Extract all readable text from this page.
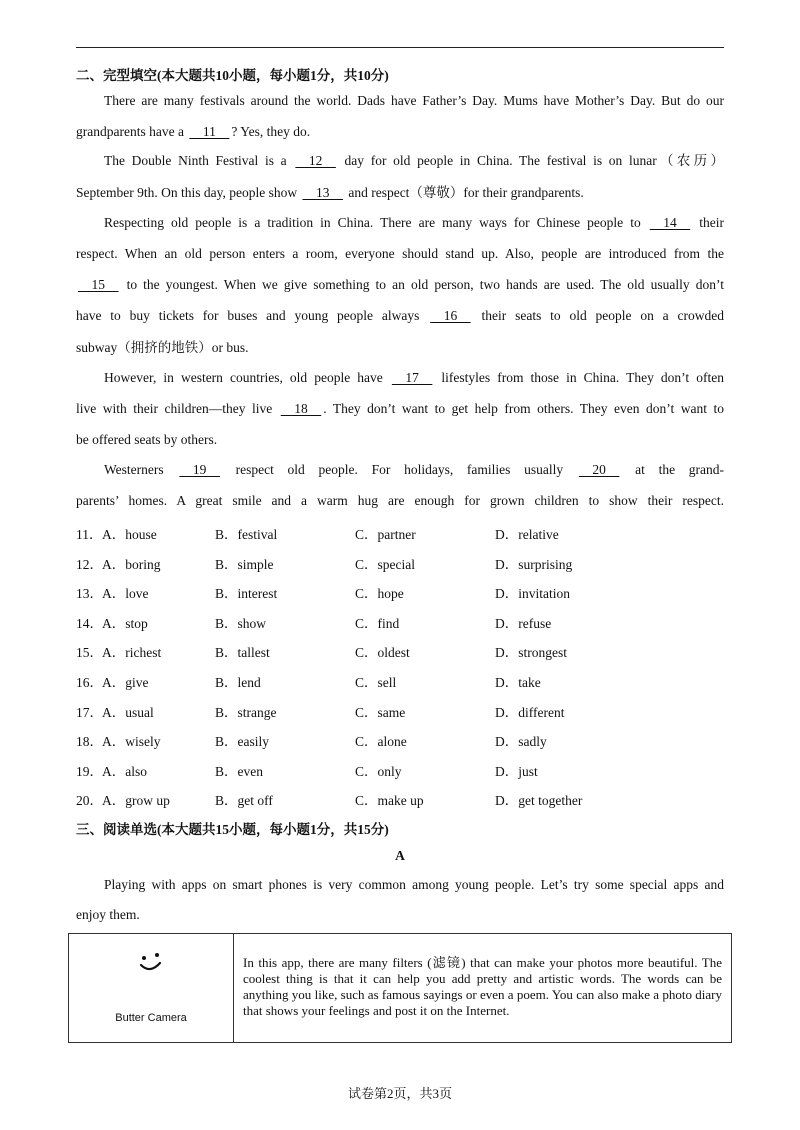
二、完型填空(本大题共10小题，每小题1分，共10分)
There are many festivals around the world. Dads have Father’s Day. Mums have Mother’s Day. But do our
grandparents have a     11    ? Yes, they do.
The Double Ninth Festival is a     12     day for old people in China. The festival is on lunar（农历）
September 9th. On this day, people show     13     and respect（尊敬）for their grandparents.
Respecting old people is a tradition in China. There are many ways for Chinese people to     14     their
respect. When an old person enters a room, everyone should stand up. Also, people are introduced from the
15     to the youngest. When we give something to an old person, two hands are used. The old usually don’t
have to buy tickets for buses and young people always     16     their seats to old people on a crowded
subway（拥挤的地铁）or bus.
However, in western countries, old people have     17     lifestyles from those in China. They don’t often
live with their children—they live     18    . They don’t want to get help from others. They even don’t want to
be offered seats by others.
Westerners     19     respect old people. For holidays, families usually     20     at the grand-
parents’ homes. A great smile and a warm hug are enough for grown children to show their respect.
11． A．house	B．festival	C．partner	D．relative
12． A．boring	B．simple	C．special	D．surprising
13． A．love	B．interest	C．hope	D．invitation
14． A．stop	B．show	C．find	D．refuse
15． A．richest	B．tallest	C．oldest	D．strongest
16． A．give	B．lend	C．sell	D．take
17． A．usual	B．strange	C．same	D．different
18． A．wisely	B．easily	C．alone	D．sadly
19． A．also	B．even	C．only	D．just
20． A．grow up	B．get off	C．make up	D．get together
三、阅读单选(本大题共15小题，每小题1分，共15分)
A
Playing with apps on smart phones is very common among young people. Let’s try some special apps and
enjoy them.
Butter Camera

In this app, there are many filters (滤镜) that can make your photos more beautiful. The coolest thing is that it can help you add pretty and artistic words. The words can be anything you like, such as famous sayings or even a poem. You can also make a photo diary that shows your feelings and post it on the Internet.
试卷第2页，共3页
